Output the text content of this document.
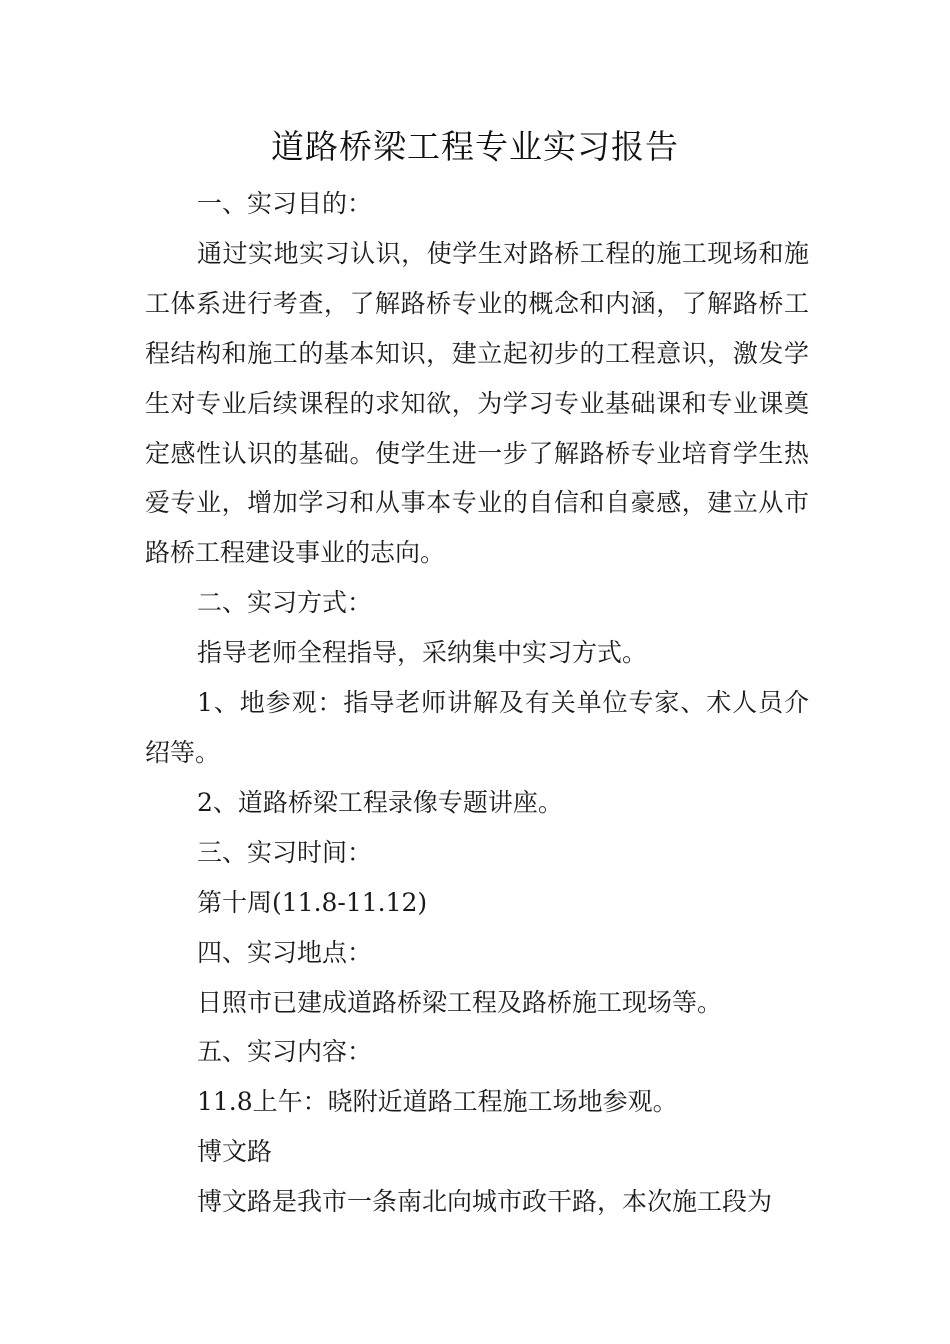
道路桥梁工程专业实习报告

一、实习目的：

通过实地实习认识，使学生对路桥工程的施工现场和施工体系进行考查，了解路桥专业的概念和内涵，了解路桥工程结构和施工的基本知识，建立起初步的工程意识，激发学生对专业后续课程的求知欲，为学习专业基础课和专业课奠定感性认识的基础。使学生进一步了解路桥专业培育学生热爱专业，增加学习和从事本专业的自信和自豪感，建立从市路桥工程建设事业的志向。

二、实习方式：

指导老师全程指导，采纳集中实习方式。

1、地参观：指导老师讲解及有关单位专家、术人员介绍等。

2、道路桥梁工程录像专题讲座。

三、实习时间：

第十周(11.8-11.12)

四、实习地点：

日照市已建成道路桥梁工程及路桥施工现场等。

五、实习内容：

11.8上午：晓附近道路工程施工场地参观。

博文路

博文路是我市一条南北向城市政干路，本次施工段为
